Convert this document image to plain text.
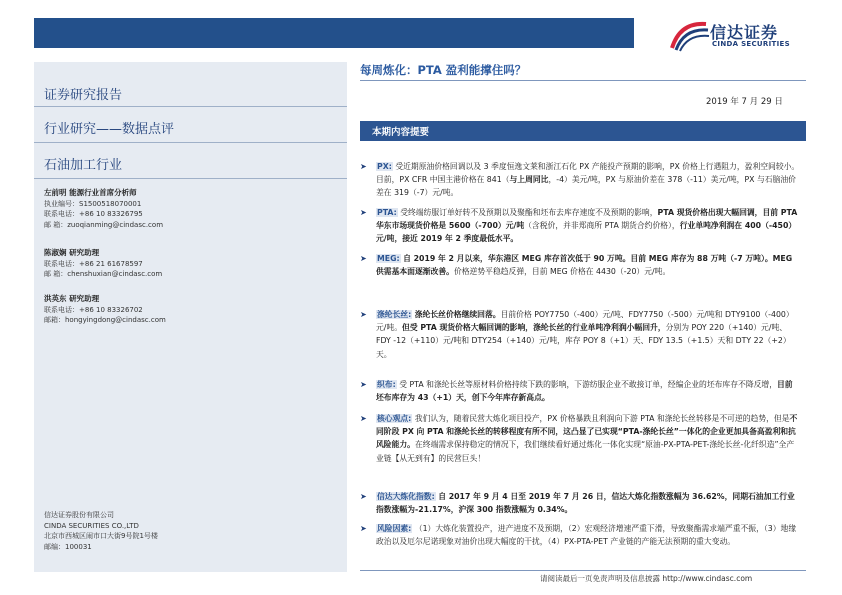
信达证券
CINDA SECURITIES
证券研究报告
行业研究——数据点评
石油加工行业
左前明 能源行业首席分析师
执业编号：S1500518070001
联系电话：+86 10 83326795
邮 箱：zuoqianming@cindasc.com
陈淑娴 研究助理
联系电话：+86 21 61678597
邮 箱：chenshuxian@cindasc.com
洪英东 研究助理
联系电话：+86 10 83326702
邮箱：hongyingdong@cindasc.com
信达证券股份有限公司
CINDA SECURITIES CO.,LTD
北京市西城区闹市口大街9号院1号楼
邮编：100031
每周炼化：PTA 盈利能撑住吗？
2019 年 7 月 29 日
本期内容提要
➤	PX: 受近期原油价格回调以及 3 季度恒逸文莱和浙江石化 PX 产能投产预期的影响，PX 价格上行遇阻力，盈利空间较小。目前，PX CFR 中国主港价格在 841（与上周同比，-4）美元/吨，PX 与原油价差在 378（-11）美元/吨，PX 与石脑油价差在 319（-7）元/吨。
➤	PTA: 受终端纺服订单好转不及预期以及聚酯和坯布去库存速度不及预期的影响，PTA 现货价格出现大幅回调，目前 PTA 华东市场现货价格是 5600（-700）元/吨（含税价，并非郑商所 PTA 期货合约价格），行业单吨净利润在 400（-450）元/吨，接近 2019 年 2 季度最低水平。
➤	MEG: 自 2019 年 2 月以来，华东港区 MEG 库存首次低于 90 万吨。目前 MEG 库存为 88 万吨（-7 万吨）。MEG 供需基本面逐渐改善。价格逆势平稳趋反弹，目前 MEG 价格在 4430（-20）元/吨。
➤	涤纶长丝: 涤纶长丝价格继续回落。目前价格 POY7750（-400）元/吨、FDY7750（-500）元/吨和 DTY9100（-400）元/吨。但受 PTA 现货价格大幅回调的影响，涤纶长丝的行业单吨净利润小幅回升，分别为 POY 220（+140）元/吨、FDY -12（+110）元/吨和 DTY254（+140）元/吨，库存 POY 8（+1）天、FDY 13.5（+1.5）天和 DTY 22（+2）天。
➤	织布: 受 PTA 和涤纶长丝等原材料价格持续下跌的影响，下游纺服企业不敢接订单，经编企业的坯布库存不降反增，目前坯布库存为 43（+1）天，创下今年库存新高点。
➤	核心观点: 我们认为，随着民营大炼化项目投产，PX 价格暴跌且利润向下游 PTA 和涤纶长丝转移是不可逆的趋势，但是不同阶段 PX 向 PTA 和涤纶长丝的转移程度有所不同，这凸显了已实现“PTA-涤纶长丝”一体化的企业更加具备高盈利和抗风险能力。在终端需求保持稳定的情况下，我们继续看好通过炼化一体化实现“原油-PX-PTA-PET-涤纶长丝-化纤织造”全产业链【从无到有】的民营巨头！
➤	信达大炼化指数: 自 2017 年 9 月 4 日至 2019 年 7 月 26 日，信达大炼化指数涨幅为 36.62%，同期石油加工行业指数涨幅为-21.17%，沪深 300 指数涨幅为 0.34%。
➤	风险因素: （1）大炼化装置投产，进产进度不及预期，（2）宏观经济增速严重下滑，导致聚酯需求端严重不振，（3）地缘政治以及厄尔尼诺现象对油价出现大幅度的干扰，（4）PX-PTA-PET 产业链的产能无法预期的重大变动。
请阅读最后一页免责声明及信息披露 http://www.cindasc.com
